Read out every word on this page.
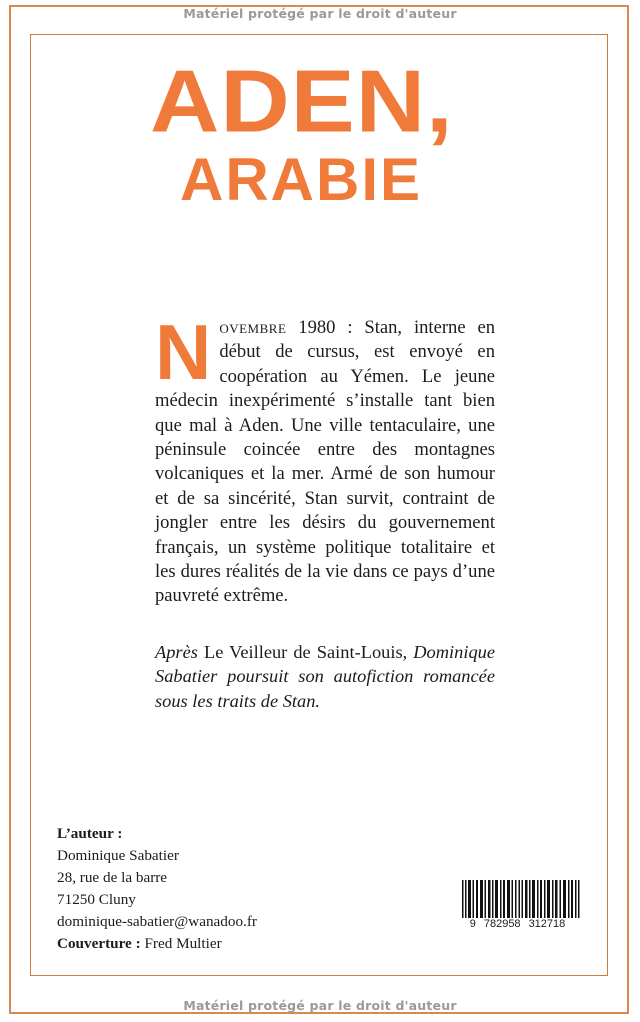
Matériel protégé par le droit d'auteur
Matériel protégé par le droit d'auteur
ADEN,
ARABIE
Novembre 1980 : Stan, interne en début de cursus, est envoyé en coopération au Yémen. Le jeune médecin inexpérimenté s’installe tant bien que mal à Aden. Une ville tentaculaire, une péninsule coincée entre des montagnes volcaniques et la mer. Armé de son humour et de sa sincérité, Stan survit, contraint de jongler entre les désirs du gouvernement français, un système politique totalitaire et les dures réalités de la vie dans ce pays d’une pauvreté extrême.
Après Le Veilleur de Saint-Louis, Dominique Sabatier poursuit son autofiction romancée sous les traits de Stan.
L’auteur :
Dominique Sabatier
28, rue de la barre
71250 Cluny
dominique-sabatier@wanadoo.fr
Couverture : Fred Multier
9 782958 312718
